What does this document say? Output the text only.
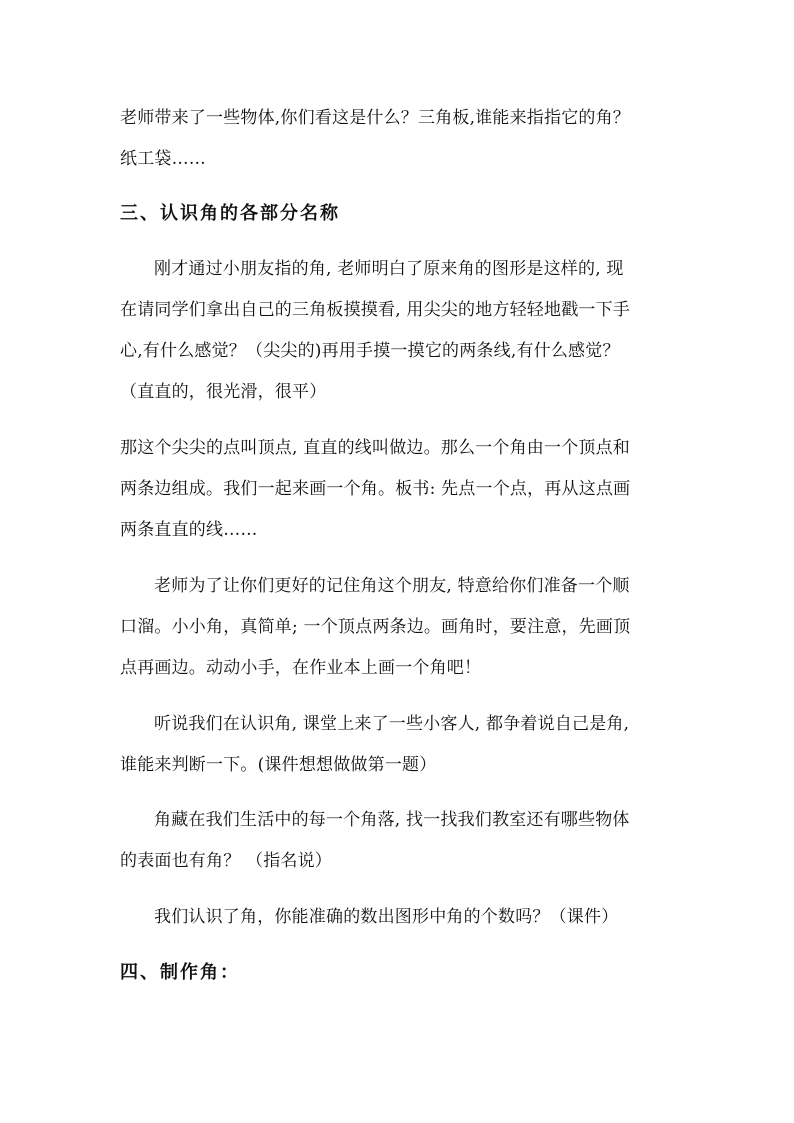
老师带来了一些物体,你们看这是什么？三角板,谁能来指指它的角？
纸工袋……
三、认识角的各部分名称
刚才通过小朋友指的角, 老师明白了原来角的图形是这样的, 现
在请同学们拿出自己的三角板摸摸看, 用尖尖的地方轻轻地戳一下手
心,有什么感觉？（尖尖的)再用手摸一摸它的两条线,有什么感觉？
（直直的，很光滑，很平）
那这个尖尖的点叫顶点, 直直的线叫做边。那么一个角由一个顶点和
两条边组成。我们一起来画一个角。板书: 先点一个点，再从这点画
两条直直的线……
老师为了让你们更好的记住角这个朋友, 特意给你们准备一个顺
口溜。小小角，真简单; 一个顶点两条边。画角时，要注意，先画顶
点再画边。动动小手，在作业本上画一个角吧！
听说我们在认识角, 课堂上来了一些小客人, 都争着说自己是角,
谁能来判断一下。(课件想想做做第一题）
角藏在我们生活中的每一个角落, 找一找我们教室还有哪些物体
的表面也有角？ （指名说）
我们认识了角，你能准确的数出图形中角的个数吗？（课件）
四、制作角：
